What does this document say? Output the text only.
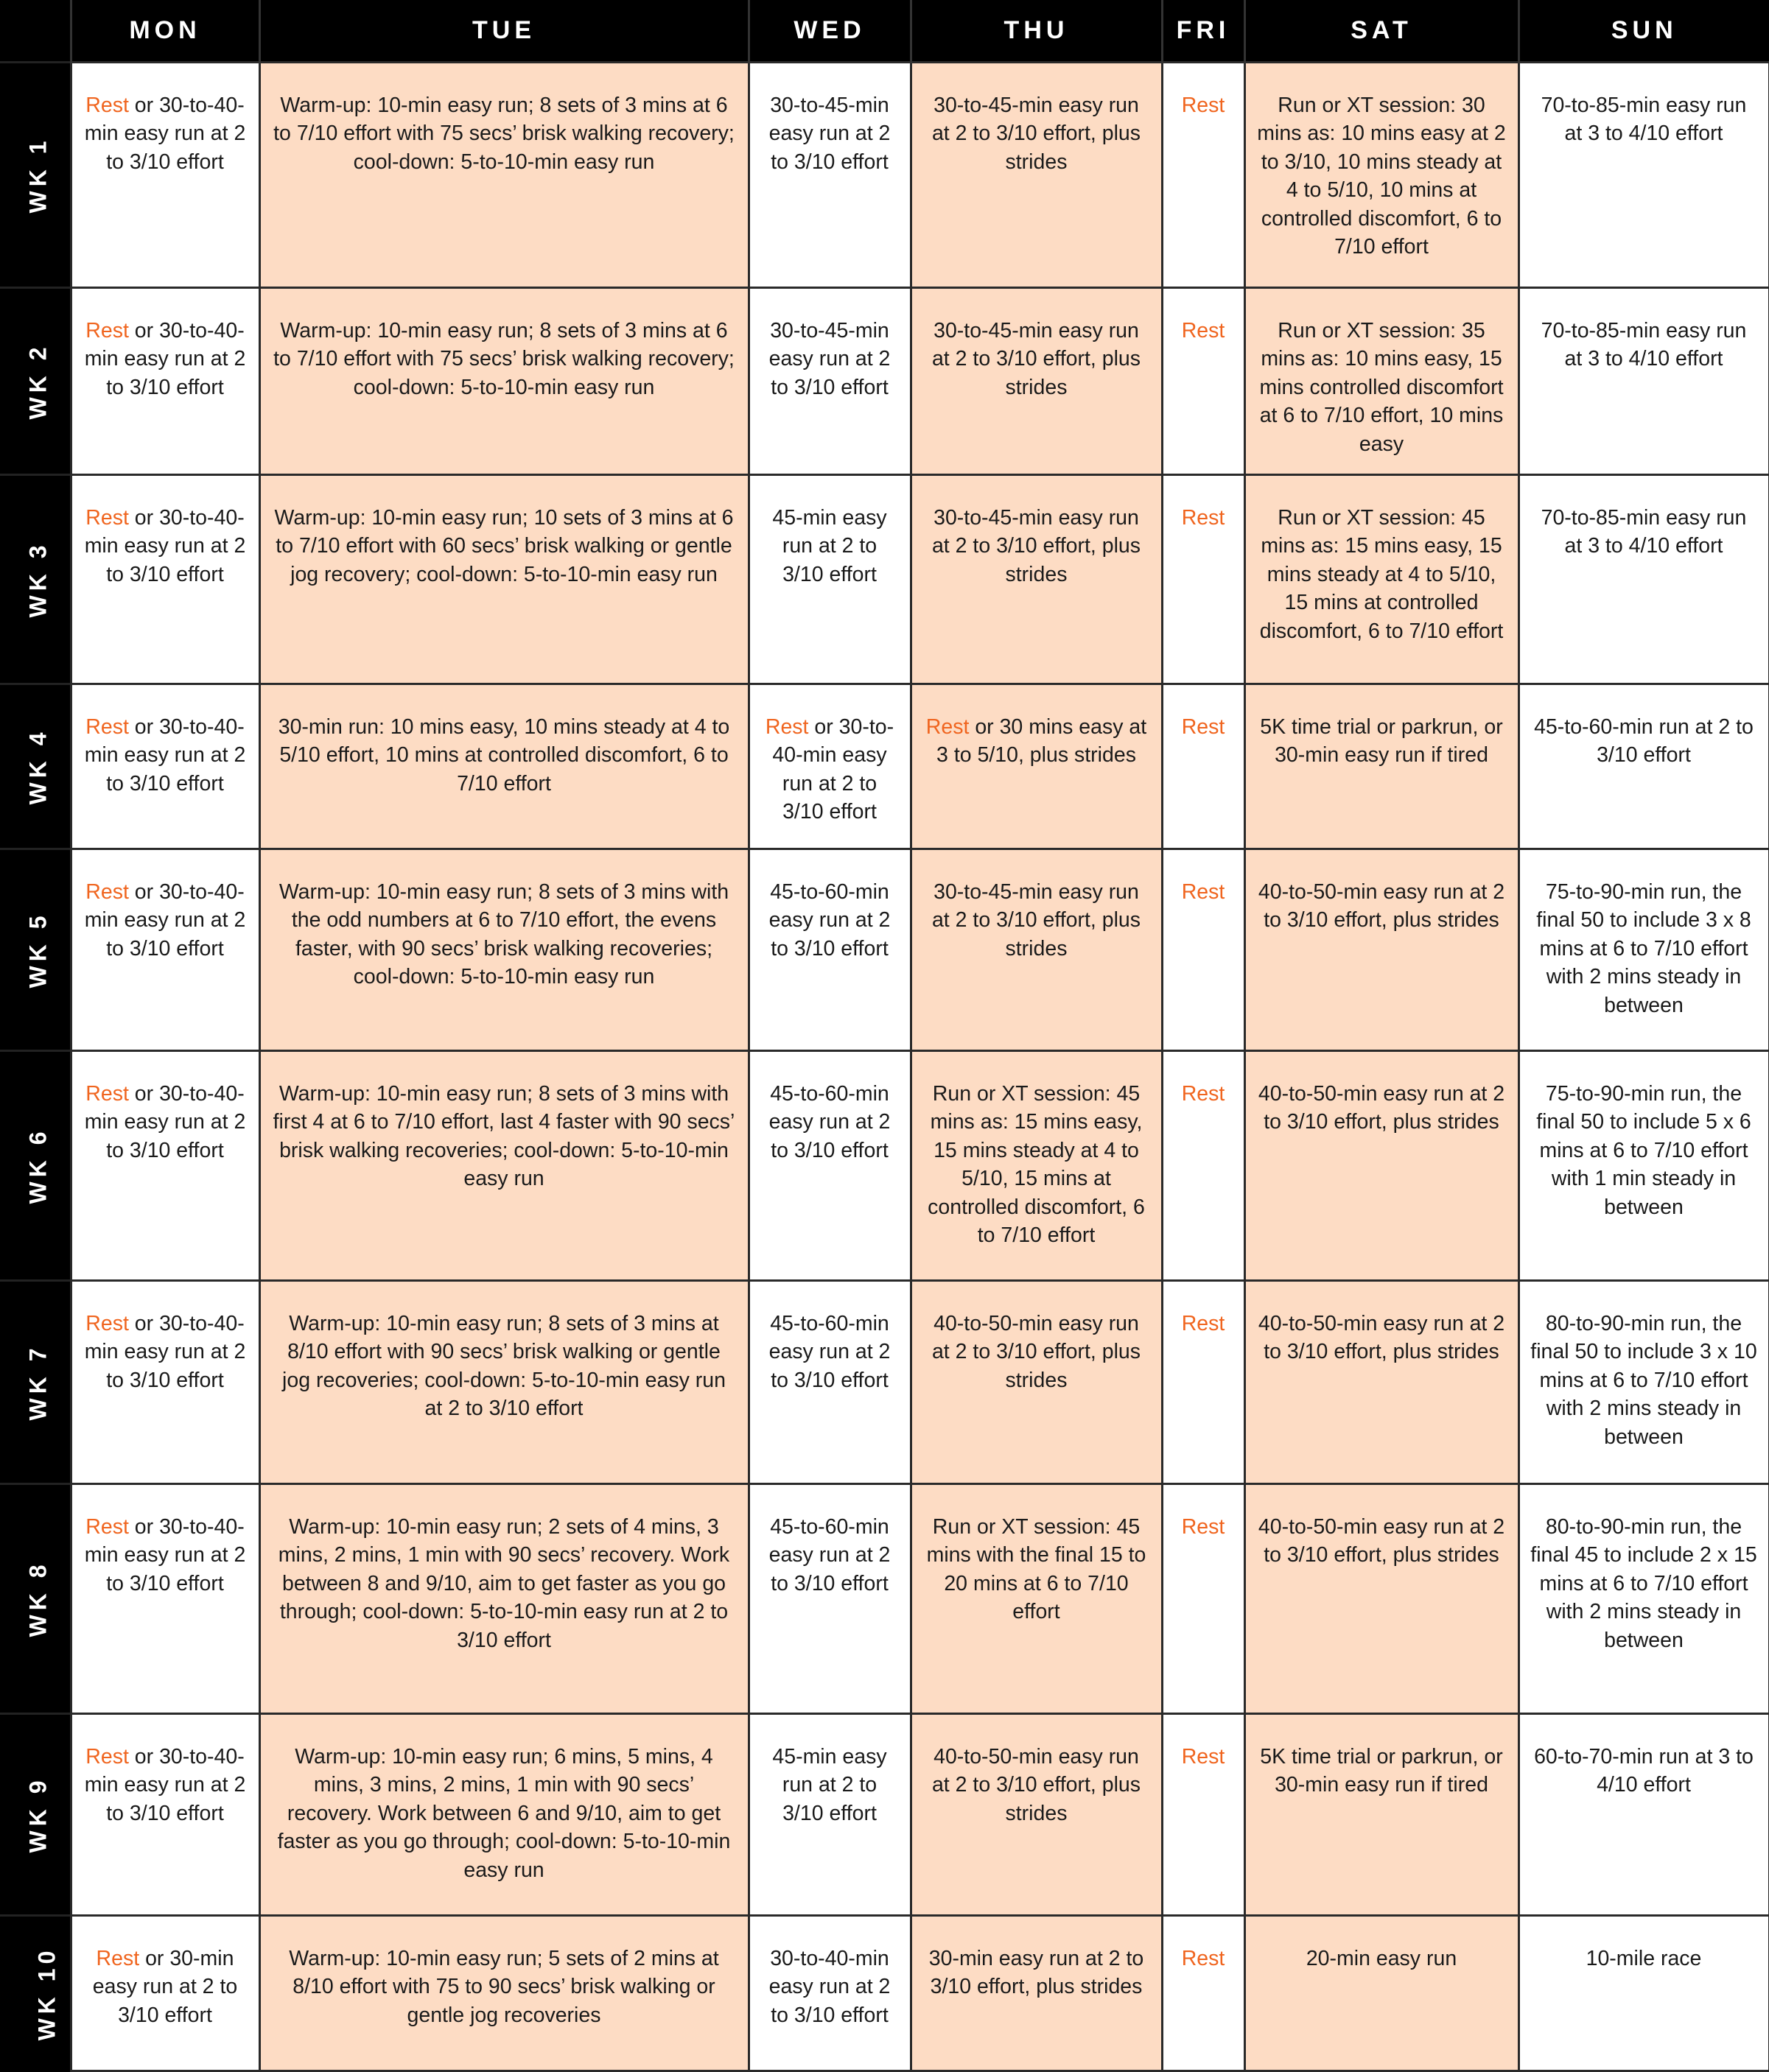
	MON	TUE	WED	THU	FRI	SAT	SUN
WK 1	Rest or 30-to-40-min easy run at 2 to 3/10 effort	Warm-up: 10-min easy run; 8 sets of 3 mins at 6 to 7/10 effort with 75 secs’ brisk walking recovery; cool-down: 5-to-10-min easy run	30-to-45-min easy run at 2 to 3/10 effort	30-to-45-min easy run at 2 to 3/10 effort, plus strides	Rest	Run or XT session: 30 mins as: 10 mins easy at 2 to 3/10, 10 mins steady at 4 to 5/10, 10 mins at controlled discomfort, 6 to 7/10 effort	70-to-85-min easy run at 3 to 4/10 effort
WK 2	Rest or 30-to-40-min easy run at 2 to 3/10 effort	Warm-up: 10-min easy run; 8 sets of 3 mins at 6 to 7/10 effort with 75 secs’ brisk walking recovery; cool-down: 5-to-10-min easy run	30-to-45-min easy run at 2 to 3/10 effort	30-to-45-min easy run at 2 to 3/10 effort, plus strides	Rest	Run or XT session: 35 mins as: 10 mins easy, 15 mins controlled discomfort at 6 to 7/10 effort, 10 mins easy	70-to-85-min easy run at 3 to 4/10 effort
WK 3	Rest or 30-to-40-min easy run at 2 to 3/10 effort	Warm-up: 10-min easy run; 10 sets of 3 mins at 6 to 7/10 effort with 60 secs’ brisk walking or gentle jog recovery; cool-down: 5-to-10-min easy run	45-min easy run at 2 to 3/10 effort	30-to-45-min easy run at 2 to 3/10 effort, plus strides	Rest	Run or XT session: 45 mins as: 15 mins easy, 15 mins steady at 4 to 5/10, 15 mins at controlled discomfort, 6 to 7/10 effort	70-to-85-min easy run at 3 to 4/10 effort
WK 4	Rest or 30-to-40-min easy run at 2 to 3/10 effort	30-min run: 10 mins easy, 10 mins steady at 4 to 5/10 effort, 10 mins at controlled discomfort, 6 to 7/10 effort	Rest or 30-to-40-min easy run at 2 to 3/10 effort	Rest or 30 mins easy at 3 to 5/10, plus strides	Rest	5K time trial or parkrun, or 30-min easy run if tired	45-to-60-min run at 2 to 3/10 effort
WK 5	Rest or 30-to-40-min easy run at 2 to 3/10 effort	Warm-up: 10-min easy run; 8 sets of 3 mins with the odd numbers at 6 to 7/10 effort, the evens faster, with 90 secs’ brisk walking recoveries; cool-down: 5-to-10-min easy run	45-to-60-min easy run at 2 to 3/10 effort	30-to-45-min easy run at 2 to 3/10 effort, plus strides	Rest	40-to-50-min easy run at 2 to 3/10 effort, plus strides	75-to-90-min run, the final 50 to include 3 x 8 mins at 6 to 7/10 effort with 2 mins steady in between
WK 6	Rest or 30-to-40-min easy run at 2 to 3/10 effort	Warm-up: 10-min easy run; 8 sets of 3 mins with first 4 at 6 to 7/10 effort, last 4 faster with 90 secs’ brisk walking recoveries; cool-down: 5-to-10-min easy run	45-to-60-min easy run at 2 to 3/10 effort	Run or XT session: 45 mins as: 15 mins easy, 15 mins steady at 4 to 5/10, 15 mins at controlled discomfort, 6 to 7/10 effort	Rest	40-to-50-min easy run at 2 to 3/10 effort, plus strides	75-to-90-min run, the final 50 to include 5 x 6 mins at 6 to 7/10 effort with 1 min steady in between
WK 7	Rest or 30-to-40-min easy run at 2 to 3/10 effort	Warm-up: 10-min easy run; 8 sets of 3 mins at 8/10 effort with 90 secs’ brisk walking or gentle jog recoveries; cool-down: 5-to-10-min easy run at 2 to 3/10 effort	45-to-60-min easy run at 2 to 3/10 effort	40-to-50-min easy run at 2 to 3/10 effort, plus strides	Rest	40-to-50-min easy run at 2 to 3/10 effort, plus strides	80-to-90-min run, the final 50 to include 3 x 10 mins at 6 to 7/10 effort with 2 mins steady in between
WK 8	Rest or 30-to-40-min easy run at 2 to 3/10 effort	Warm-up: 10-min easy run; 2 sets of 4 mins, 3 mins, 2 mins, 1 min with 90 secs’ recovery. Work between 8 and 9/10, aim to get faster as you go through; cool-down: 5-to-10-min easy run at 2 to 3/10 effort	45-to-60-min easy run at 2 to 3/10 effort	Run or XT session: 45 mins with the final 15 to 20 mins at 6 to 7/10 effort	Rest	40-to-50-min easy run at 2 to 3/10 effort, plus strides	80-to-90-min run, the final 45 to include 2 x 15 mins at 6 to 7/10 effort with 2 mins steady in between
WK 9	Rest or 30-to-40-min easy run at 2 to 3/10 effort	Warm-up: 10-min easy run; 6 mins, 5 mins, 4 mins, 3 mins, 2 mins, 1 min with 90 secs’ recovery. Work between 6 and 9/10, aim to get faster as you go through; cool-down: 5-to-10-min easy run	45-min easy run at 2 to 3/10 effort	40-to-50-min easy run at 2 to 3/10 effort, plus strides	Rest	5K time trial or parkrun, or 30-min easy run if tired	60-to-70-min run at 3 to 4/10 effort
WK 10	Rest or 30-min easy run at 2 to 3/10 effort	Warm-up: 10-min easy run; 5 sets of 2 mins at 8/10 effort with 75 to 90 secs’ brisk walking or gentle jog recoveries	30-to-40-min easy run at 2 to 3/10 effort	30-min easy run at 2 to 3/10 effort, plus strides	Rest	20-min easy run	10-mile race
